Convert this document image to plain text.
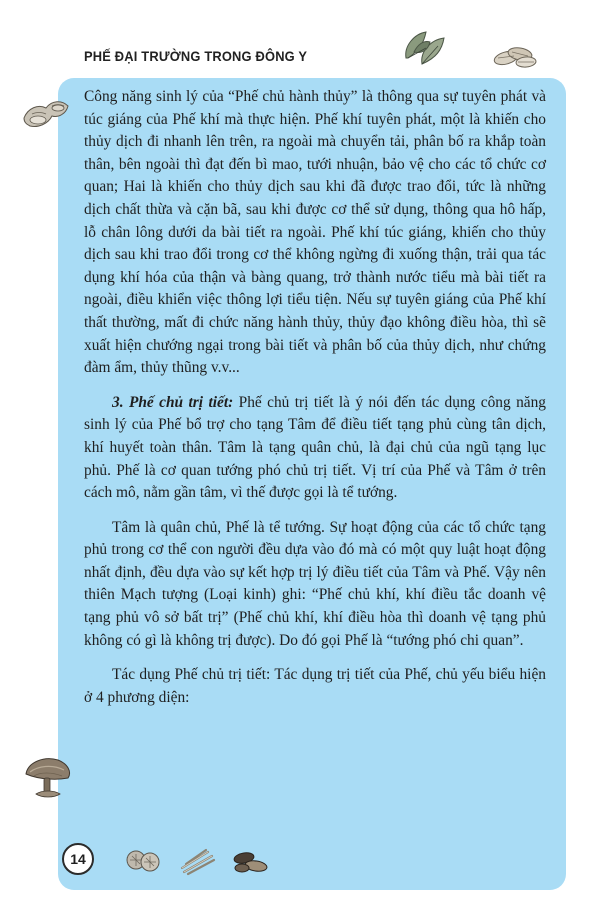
PHẾ ĐẠI TRƯỜNG TRONG ĐÔNG Y

Công năng sinh lý của “Phế chủ hành thủy” là thông qua sự tuyên phát và túc giáng của Phế khí mà thực hiện. Phế khí tuyên phát, một là khiến cho thủy dịch đi nhanh lên trên, ra ngoài mà chuyển tải, phân bố ra khắp toàn thân, bên ngoài thì đạt đến bì mao, tưới nhuận, bảo vệ cho các tổ chức cơ quan; Hai là khiến cho thủy dịch sau khi đã được trao đổi, tức là những dịch chất thừa và cặn bã, sau khi được cơ thể sử dụng, thông qua hô hấp, lỗ chân lông dưới da bài tiết ra ngoài. Phế khí túc giáng, khiến cho thủy dịch sau khi trao đổi trong cơ thể không ngừng đi xuống thận, trải qua tác dụng khí hóa của thận và bàng quang, trở thành nước tiểu mà bài tiết ra ngoài, điều khiển việc thông lợi tiểu tiện. Nếu sự tuyên giáng của Phế khí thất thường, mất đi chức năng hành thủy, thủy đạo không điều hòa, thì sẽ xuất hiện chướng ngại trong bài tiết và phân bố của thủy dịch, như chứng đàm ẩm, thủy thũng v.v...

3. Phế chủ trị tiết: Phế chủ trị tiết là ý nói đến tác dụng công năng sinh lý của Phế bổ trợ cho tạng Tâm để điều tiết tạng phủ cùng tân dịch, khí huyết toàn thân. Tâm là tạng quân chủ, là đại chủ của ngũ tạng lục phủ. Phế là cơ quan tướng phó chủ trị tiết. Vị trí của Phế và Tâm ở trên cách mô, nằm gần tâm, vì thế được gọi là tể tướng.

Tâm là quân chủ, Phế là tể tướng. Sự hoạt động của các tổ chức tạng phủ trong cơ thể con người đều dựa vào đó mà có một quy luật hoạt động nhất định, đều dựa vào sự kết hợp trị lý điều tiết của Tâm và Phế. Vậy nên thiên Mạch tượng (Loại kinh) ghi: “Phế chủ khí, khí điều tắc doanh vệ tạng phủ vô sở bất trị” (Phế chủ khí, khí điều hòa thì doanh vệ tạng phủ không có gì là không trị được). Do đó gọi Phế là “tướng phó chi quan”.

Tác dụng Phế chủ trị tiết: Tác dụng trị tiết của Phế, chủ yếu biểu hiện ở 4 phương diện:

14
